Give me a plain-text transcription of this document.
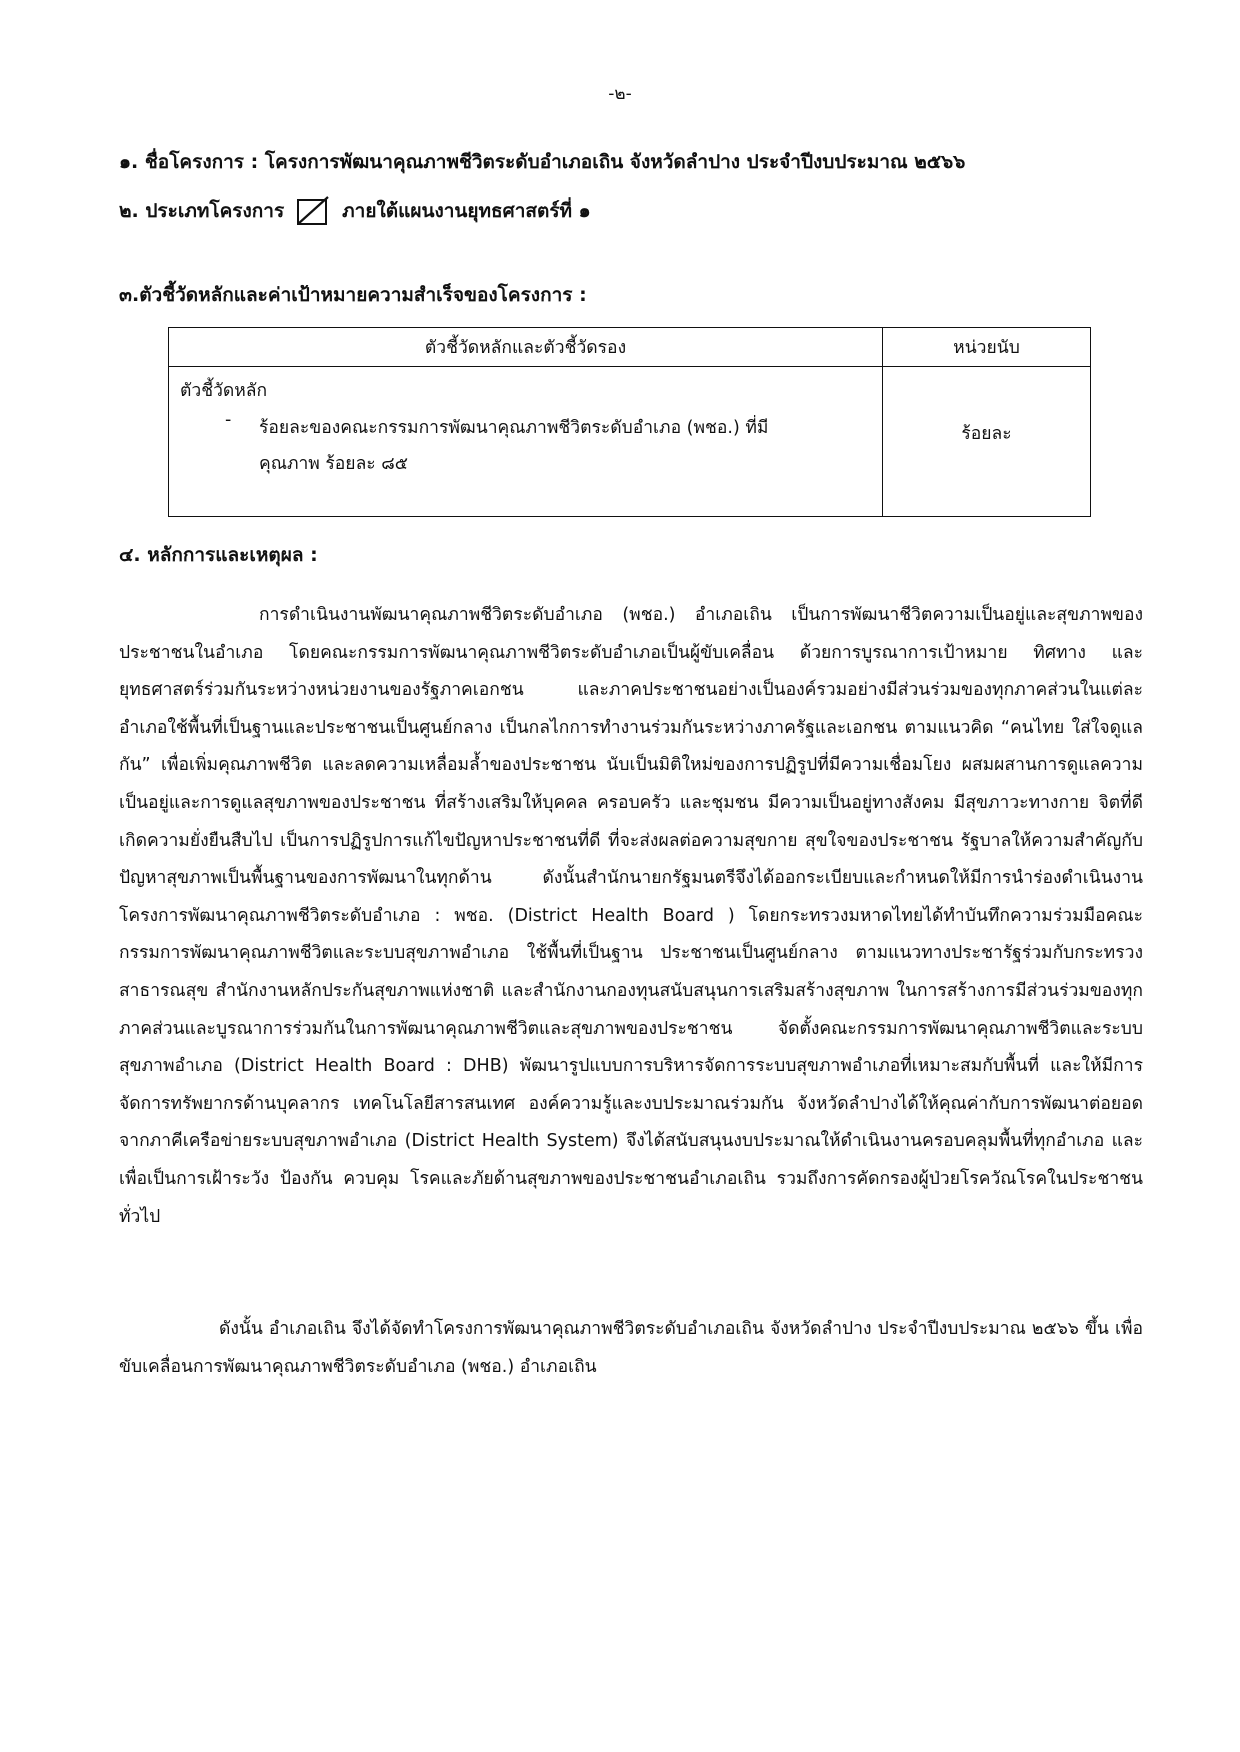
-๒-
๑. ชื่อโครงการ : โครงการพัฒนาคุณภาพชีวิตระดับอำเภอเถิน จังหวัดลำปาง ประจำปีงบประมาณ ๒๕๖๖
๒. ประเภทโครงการ	ภายใต้แผนงานยุทธศาสตร์ที่ ๑
๓.ตัวชี้วัดหลักและค่าเป้าหมายความสำเร็จของโครงการ :
ตัวชี้วัดหลักและตัวชี้วัดรอง	หน่วยนับ

ตัวชี้วัดหลัก
- ร้อยละของคณะกรรมการพัฒนาคุณภาพชีวิตระดับอำเภอ (พชอ.) ที่มีคุณภาพ ร้อยละ ๘๕	ร้อยละ
๔. หลักการและเหตุผล :
การดำเนินงานพัฒนาคุณภาพชีวิตระดับอำเภอ (พชอ.) อำเภอเถิน เป็นการพัฒนาชีวิตความเป็นอยู่และสุขภาพของประชาชนในอำเภอ โดยคณะกรรมการพัฒนาคุณภาพชีวิตระดับอำเภอเป็นผู้ขับเคลื่อน ด้วยการบูรณาการเป้าหมาย ทิศทาง และยุทธศาสตร์ร่วมกันระหว่างหน่วยงานของรัฐภาคเอกชน และภาคประชาชนอย่างเป็นองค์รวมอย่างมีส่วนร่วมของทุกภาคส่วนในแต่ละอำเภอใช้พื้นที่เป็นฐานและประชาชนเป็นศูนย์กลาง เป็นกลไกการทำงานร่วมกันระหว่างภาครัฐและเอกชน ตามแนวคิด “คนไทย ใส่ใจดูแลกัน” เพื่อเพิ่มคุณภาพชีวิต และลดความเหลื่อมล้ำของประชาชน นับเป็นมิติใหม่ของการปฏิรูปที่มีความเชื่อมโยง ผสมผสานการดูแลความเป็นอยู่และการดูแลสุขภาพของประชาชน ที่สร้างเสริมให้บุคคล ครอบครัว และชุมชน มีความเป็นอยู่ทางสังคม มีสุขภาวะทางกาย จิตที่ดี เกิดความยั่งยืนสืบไป เป็นการปฏิรูปการแก้ไขปัญหาประชาชนที่ดี ที่จะส่งผลต่อความสุขกาย สุขใจของประชาชน รัฐบาลให้ความสำคัญกับปัญหาสุขภาพเป็นพื้นฐานของการพัฒนาในทุกด้าน ดังนั้นสำนักนายกรัฐมนตรีจึงได้ออกระเบียบและกำหนดให้มีการนำร่องดำเนินงานโครงการพัฒนาคุณภาพชีวิตระดับอำเภอ : พชอ. (District Health Board ) โดยกระทรวงมหาดไทยได้ทำบันทึกความร่วมมือคณะกรรมการพัฒนาคุณภาพชีวิตและระบบสุขภาพอำเภอ ใช้พื้นที่เป็นฐาน ประชาชนเป็นศูนย์กลาง ตามแนวทางประชารัฐร่วมกับกระทรวงสาธารณสุข สำนักงานหลักประกันสุขภาพแห่งชาติ และสำนักงานกองทุนสนับสนุนการเสริมสร้างสุขภาพ ในการสร้างการมีส่วนร่วมของทุกภาคส่วนและบูรณาการร่วมกันในการพัฒนาคุณภาพชีวิตและสุขภาพของประชาชน จัดตั้งคณะกรรมการพัฒนาคุณภาพชีวิตและระบบสุขภาพอำเภอ (District Health Board : DHB) พัฒนารูปแบบการบริหารจัดการระบบสุขภาพอำเภอที่เหมาะสมกับพื้นที่ และให้มีการจัดการทรัพยากรด้านบุคลากร เทคโนโลยีสารสนเทศ องค์ความรู้และงบประมาณร่วมกัน จังหวัดลำปางได้ให้คุณค่ากับการพัฒนาต่อยอดจากภาคีเครือข่ายระบบสุขภาพอำเภอ (District Health System) จึงได้สนับสนุนงบประมาณให้ดำเนินงานครอบคลุมพื้นที่ทุกอำเภอ และเพื่อเป็นการเฝ้าระวัง ป้องกัน ควบคุม โรคและภัยด้านสุขภาพของประชาชนอำเภอเถิน รวมถึงการคัดกรองผู้ป่วยโรควัณโรคในประชาชนทั่วไป
ดังนั้น อำเภอเถิน จึงได้จัดทำโครงการพัฒนาคุณภาพชีวิตระดับอำเภอเถิน จังหวัดลำปาง ประจำปีงบประมาณ ๒๕๖๖ ขึ้น เพื่อขับเคลื่อนการพัฒนาคุณภาพชีวิตระดับอำเภอ (พชอ.) อำเภอเถิน
